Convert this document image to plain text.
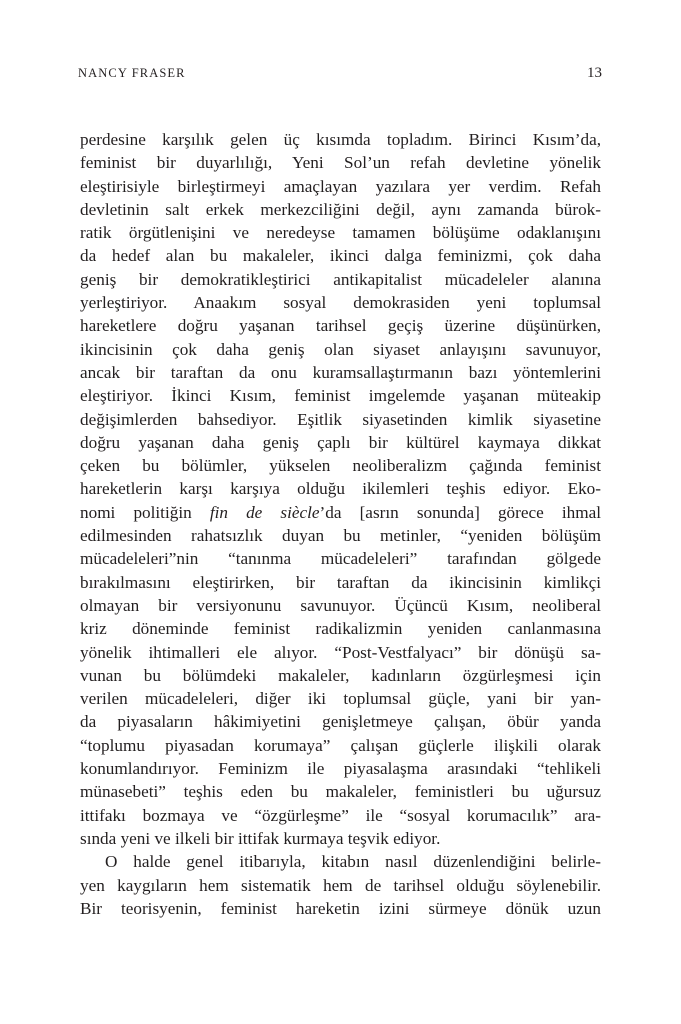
NANCY FRASER	13
perdesine karşılık gelen üç kısımda topladım. Birinci Kısım’da,
feminist bir duyarlılığı, Yeni Sol’un refah devletine yönelik
eleştirisiyle birleştirmeyi amaçlayan yazılara yer verdim. Refah
devletinin salt erkek merkezciliğini değil, aynı zamanda bürok-
ratik örgütlenişini ve neredeyse tamamen bölüşüme odaklanışını
da hedef alan bu makaleler, ikinci dalga feminizmi, çok daha
geniş bir demokratikleştirici antikapitalist mücadeleler alanına
yerleştiriyor. Anaakım sosyal demokrasiden yeni toplumsal
hareketlere doğru yaşanan tarihsel geçiş üzerine düşünürken,
ikincisinin çok daha geniş olan siyaset anlayışını savunuyor,
ancak bir taraftan da onu kuramsallaştırmanın bazı yöntemlerini
eleştiriyor. İkinci Kısım, feminist imgelemde yaşanan müteakip
değişimlerden bahsediyor. Eşitlik siyasetinden kimlik siyasetine
doğru yaşanan daha geniş çaplı bir kültürel kaymaya dikkat
çeken bu bölümler, yükselen neoliberalizm çağında feminist
hareketlerin karşı karşıya olduğu ikilemleri teşhis ediyor. Eko-
nomi politiğin fin de siècle’da [asrın sonunda] görece ihmal
edilmesinden rahatsızlık duyan bu metinler, “yeniden bölüşüm
mücadeleleri”nin “tanınma mücadeleleri” tarafından gölgede
bırakılmasını eleştirirken, bir taraftan da ikincisinin kimlikçi
olmayan bir versiyonunu savunuyor. Üçüncü Kısım, neoliberal
kriz döneminde feminist radikalizmin yeniden canlanmasına
yönelik ihtimalleri ele alıyor. “Post-Vestfalyacı” bir dönüşü sa-
vunan bu bölümdeki makaleler, kadınların özgürleşmesi için
verilen mücadeleleri, diğer iki toplumsal güçle, yani bir yan-
da piyasaların hâkimiyetini genişletmeye çalışan, öbür yanda
“toplumu piyasadan korumaya” çalışan güçlerle ilişkili olarak
konumlandırıyor. Feminizm ile piyasalaşma arasındaki “tehlikeli
münasebeti” teşhis eden bu makaleler, feministleri bu uğursuz
ittifakı bozmaya ve “özgürleşme” ile “sosyal korumacılık” ara-
sında yeni ve ilkeli bir ittifak kurmaya teşvik ediyor.
O halde genel itibarıyla, kitabın nasıl düzenlendiğini belirle-
yen kaygıların hem sistematik hem de tarihsel olduğu söylenebilir.
Bir teorisyenin, feminist hareketin izini sürmeye dönük uzun
